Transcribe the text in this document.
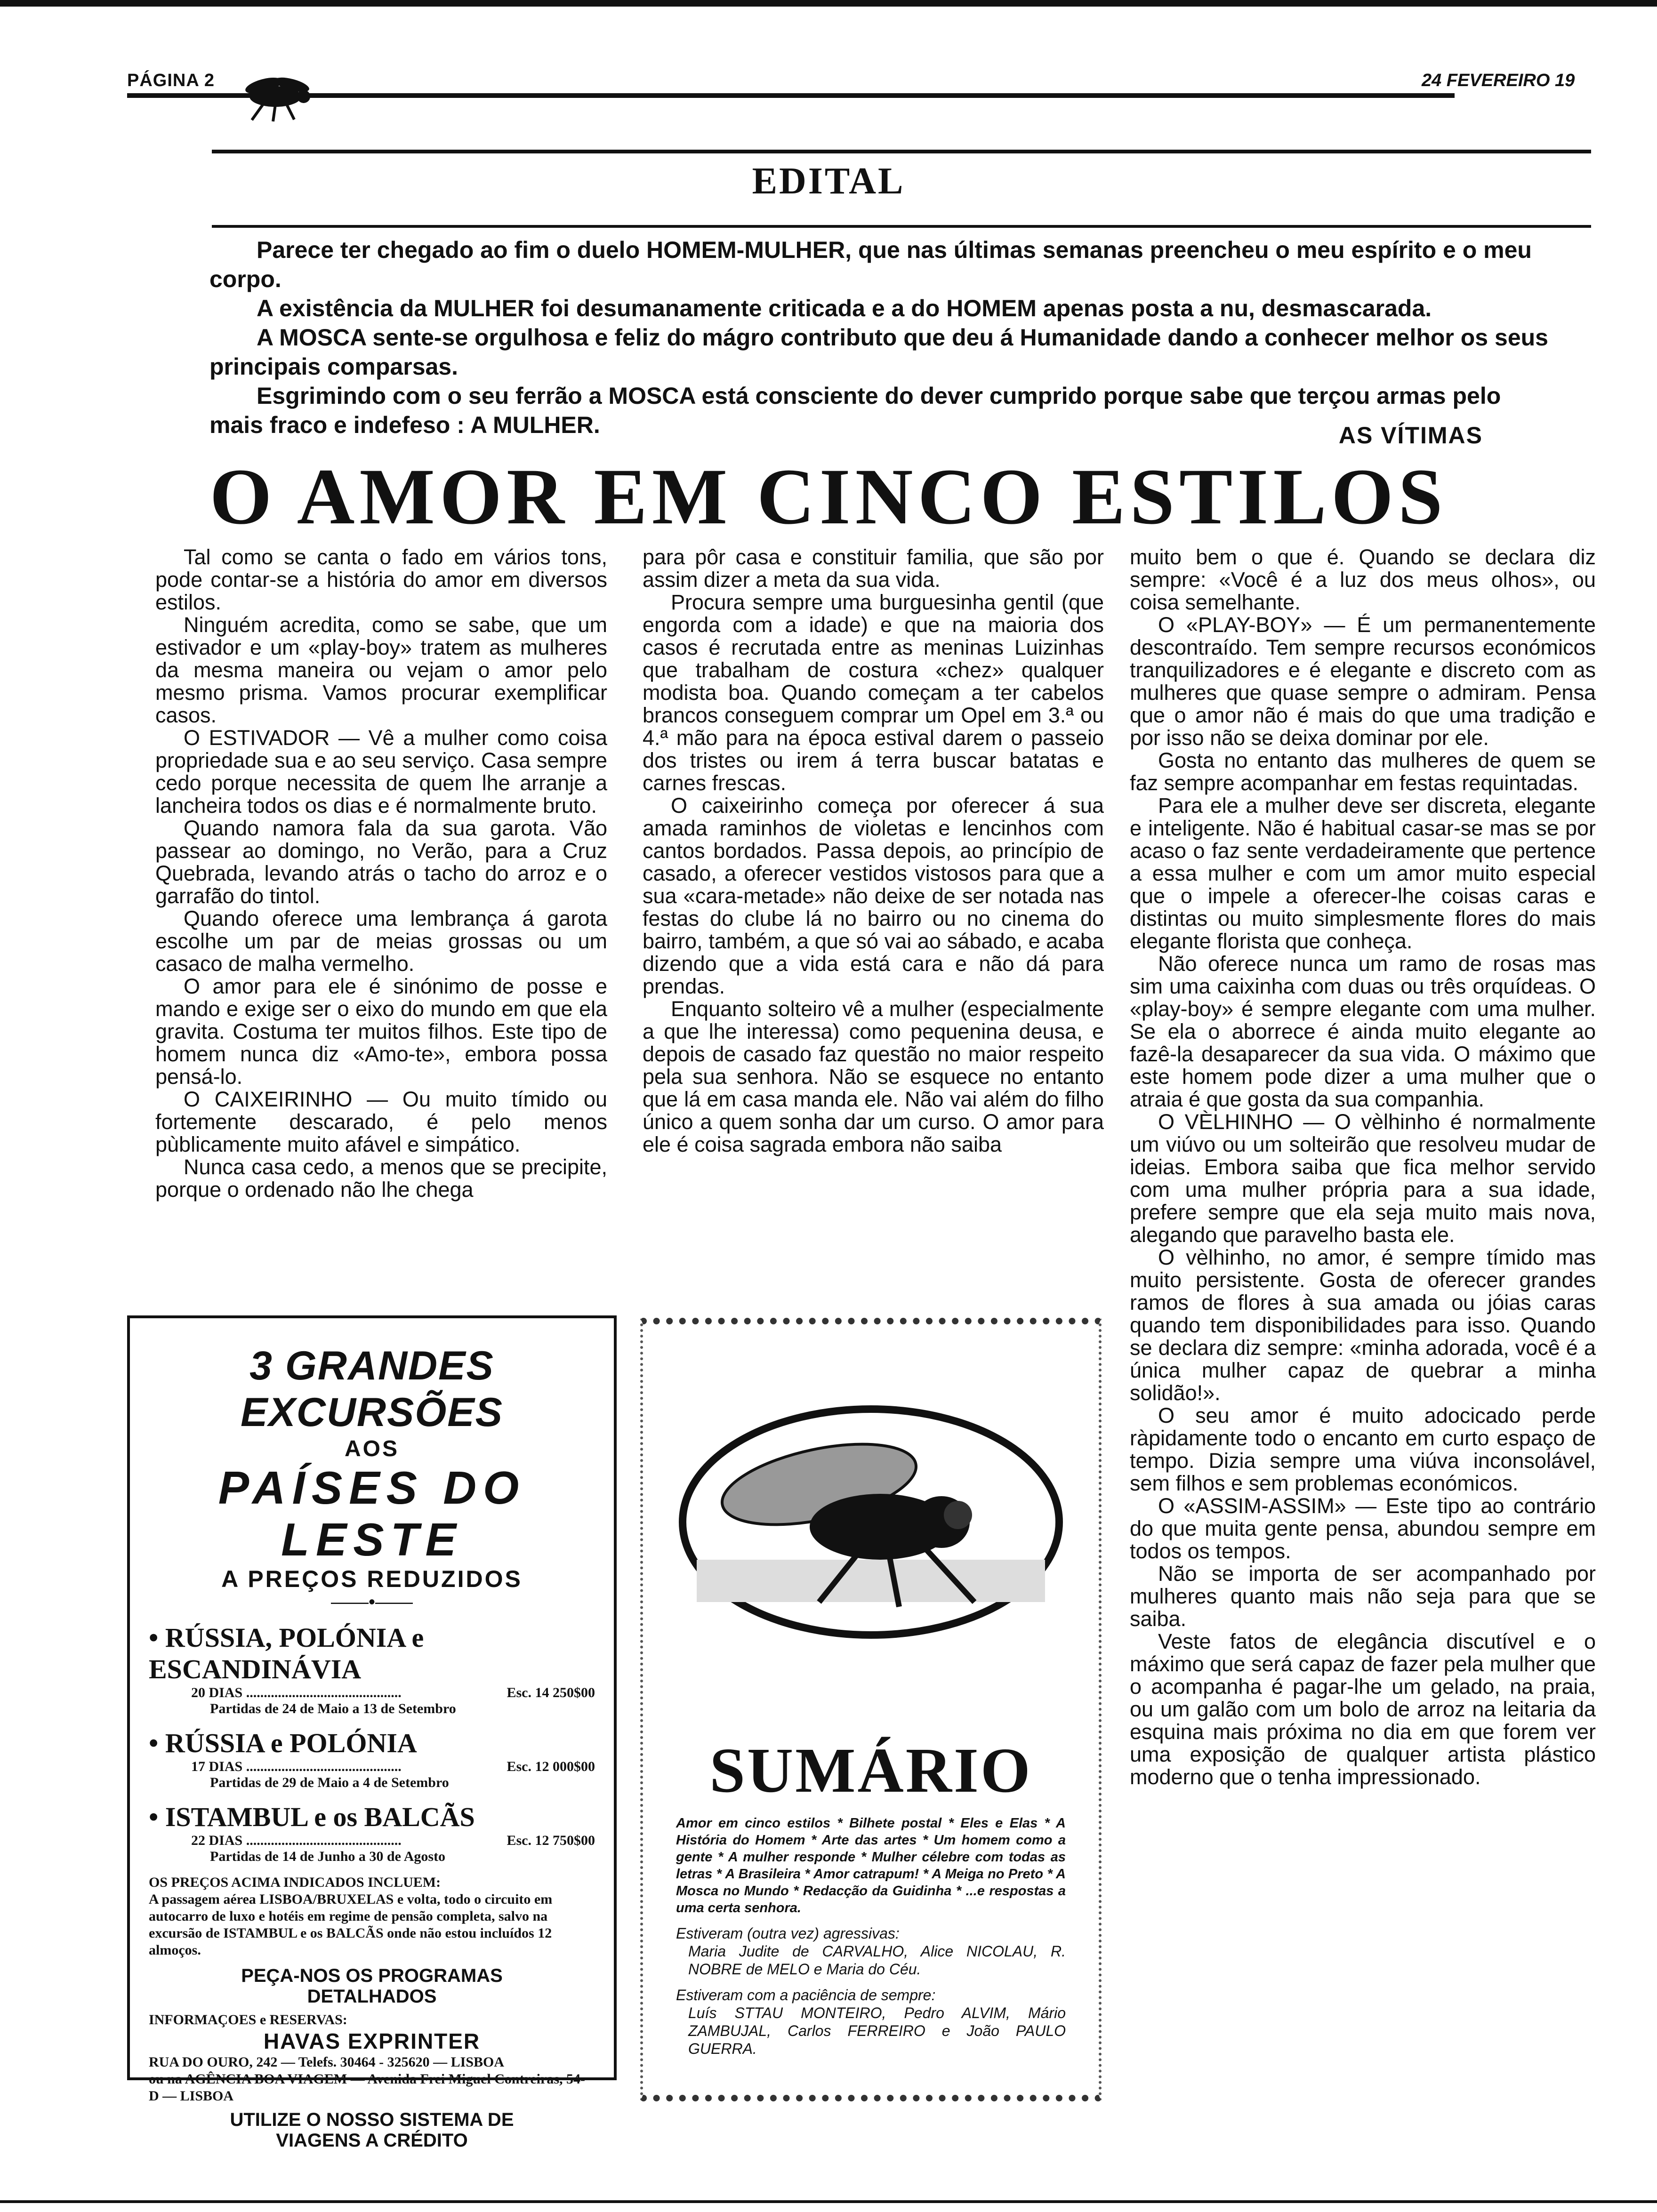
PÁGINA 2	24 FEVEREIRO 19
EDITAL

Parece ter chegado ao fim o duelo HOMEM-MULHER, que nas últimas semanas preencheu o meu espírito e o meu corpo.

A existência da MULHER foi desumanamente criticada e a do HOMEM apenas posta a nu, desmascarada.

A MOSCA sente-se orgulhosa e feliz do mágro contributo que deu á Humanidade dando a conhecer melhor os seus principais comparsas.

Esgrimindo com o seu ferrão a MOSCA está consciente do dever cumprido porque sabe que terçou armas pelo mais fraco e indefeso : A MULHER.	AS VÍTIMAS
O AMOR EM CINCO ESTILOS

Tal como se canta o fado em vários tons, pode contar-se a história do amor em diversos estilos.

Ninguém acredita, como se sabe, que um estivador e um «play-boy» tratem as mulheres da mesma maneira ou vejam o amor pelo mesmo prisma. Vamos procurar exemplificar casos.

O ESTIVADOR — Vê a mulher como coisa propriedade sua e ao seu serviço. Casa sempre cedo porque necessita de quem lhe arranje a lancheira todos os dias e é normalmente bruto.

Quando namora fala da sua garota. Vão passear ao domingo, no Verão, para a Cruz Quebrada, levando atrás o tacho do arroz e o garrafão do tintol.

Quando oferece uma lembrança á garota escolhe um par de meias grossas ou um casaco de malha vermelho.

O amor para ele é sinónimo de posse e mando e exige ser o eixo do mundo em que ela gravita. Costuma ter muitos filhos. Este tipo de homem nunca diz «Amo-te», embora possa pensá-lo.

O CAIXEIRINHO — Ou muito tímido ou fortemente descarado, é pelo menos pùblicamente muito afável e simpático.

Nunca casa cedo, a menos que se precipite, porque o ordenado não lhe chega

para pôr casa e constituir familia, que são por assim dizer a meta da sua vida.

Procura sempre uma burguesinha gentil (que engorda com a idade) e que na maioria dos casos é recrutada entre as meninas Luizinhas que trabalham de costura «chez» qualquer modista boa. Quando começam a ter cabelos brancos conseguem comprar um Opel em 3.ª ou 4.ª mão para na época estival darem o passeio dos tristes ou irem á terra buscar batatas e carnes frescas.

O caixeirinho começa por oferecer á sua amada raminhos de violetas e lencinhos com cantos bordados. Passa depois, ao princípio de casado, a oferecer vestidos vistosos para que a sua «cara-metade» não deixe de ser notada nas festas do clube lá no bairro ou no cinema do bairro, também, a que só vai ao sábado, e acaba dizendo que a vida está cara e não dá para prendas.

Enquanto solteiro vê a mulher (especialmente a que lhe interessa) como pequenina deusa, e depois de casado faz questão no maior respeito pela sua senhora. Não se esquece no entanto que lá em casa manda ele. Não vai além do filho único a quem sonha dar um curso. O amor para ele é coisa sagrada embora não saiba

muito bem o que é. Quando se declara diz sempre: «Você é a luz dos meus olhos», ou coisa semelhante.

O «PLAY-BOY» — É um permanentemente descontraído. Tem sempre recursos económicos tranquilizadores e é elegante e discreto com as mulheres que quase sempre o admiram. Pensa que o amor não é mais do que uma tradição e por isso não se deixa dominar por ele.

Gosta no entanto das mulheres de quem se faz sempre acompanhar em festas requintadas.

Para ele a mulher deve ser discreta, elegante e inteligente. Não é habitual casar-se mas se por acaso o faz sente verdadeiramente que pertence a essa mulher e com um amor muito especial que o impele a oferecer-lhe coisas caras e distintas ou muito simplesmente flores do mais elegante florista que conheça.

Não oferece nunca um ramo de rosas mas sim uma caixinha com duas ou três orquídeas. O «play-boy» é sempre elegante com uma mulher. Se ela o aborrece é ainda muito elegante ao fazê-la desaparecer da sua vida. O máximo que este homem pode dizer a uma mulher que o atraia é que gosta da sua companhia.

O VÈLHINHO — O vèlhinho é normalmente um viúvo ou um solteirão que resolveu mudar de ideias. Embora saiba que fica melhor servido com uma mulher própria para a sua idade, prefere sempre que ela seja muito mais nova, alegando que paravelho basta ele.

O vèlhinho, no amor, é sempre tímido mas muito persistente. Gosta de oferecer grandes ramos de flores à sua amada ou jóias caras quando tem disponibilidades para isso. Quando se declara diz sempre: «minha adorada, você é a única mulher capaz de quebrar a minha solidão!».

O seu amor é muito adocicado perde ràpidamente todo o encanto em curto espaço de tempo. Dizia sempre uma viúva inconsolável, sem filhos e sem problemas económicos.

O «ASSIM-ASSIM» — Este tipo ao contrário do que muita gente pensa, abundou sempre em todos os tempos.

Não se importa de ser acompanhado por mulheres quanto mais não seja para que se saiba.

Veste fatos de elegância discutível e o máximo que será capaz de fazer pela mulher que o acompanha é pagar-lhe um gelado, na praia, ou um galão com um bolo de arroz na leitaria da esquina mais próxima no dia em que forem ver uma exposição de qualquer artista plástico moderno que o tenha impressionado.

3 GRANDES EXCURSÕES
AOS
PAÍSES DO LESTE
A PREÇOS REDUZIDOS
——•——
• RÚSSIA, POLÓNIA e ESCANDINÁVIA
20 DIAS ............................................	Esc. 14 250$00
Partidas de 24 de Maio a 13 de Setembro
• RÚSSIA e POLÓNIA
17 DIAS ............................................	Esc. 12 000$00
Partidas de 29 de Maio a 4 de Setembro
• ISTAMBUL e os BALCÃS
22 DIAS ............................................	Esc. 12 750$00
Partidas de 14 de Junho a 30 de Agosto
OS PREÇOS ACIMA INDICADOS INCLUEM:
A passagem aérea LISBOA/BRUXELAS e volta, todo o circuito em autocarro de luxo e hotéis em regime de pensão completa, salvo na excursão de ISTAMBUL e os BALCÃS onde não estou incluídos 12 almoços.
PEÇA-NOS OS PROGRAMAS DETALHADOS
INFORMAÇOES e RESERVAS:
HAVAS EXPRINTER
RUA DO OURO, 242 — Telefs. 30464 - 325620 — LISBOA
ou na AGÊNCIA BOA VIAGEM — Avenida Frei Miguel Contreiras, 54-D — LISBOA
UTILIZE O NOSSO SISTEMA DE VIAGENS A CRÉDITO
SUMÁRIO
Amor em cinco estilos * Bilhete postal * Eles e Elas * A História do Homem * Arte das artes * Um homem como a gente * A mulher responde * Mulher célebre com todas as letras * A Brasileira * Amor catrapum! * A Meiga no Preto * A Mosca no Mundo * Redacção da Guidinha * ...e respostas a uma certa senhora.
Estiveram (outra vez) agressivas:
Maria Judite de CARVALHO, Alice NICOLAU, R. NOBRE de MELO e Maria do Céu.
Estiveram com a paciência de sempre:
Luís STTAU MONTEIRO, Pedro ALVIM, Mário ZAMBUJAL, Carlos FERREIRO e João PAULO GUERRA.
